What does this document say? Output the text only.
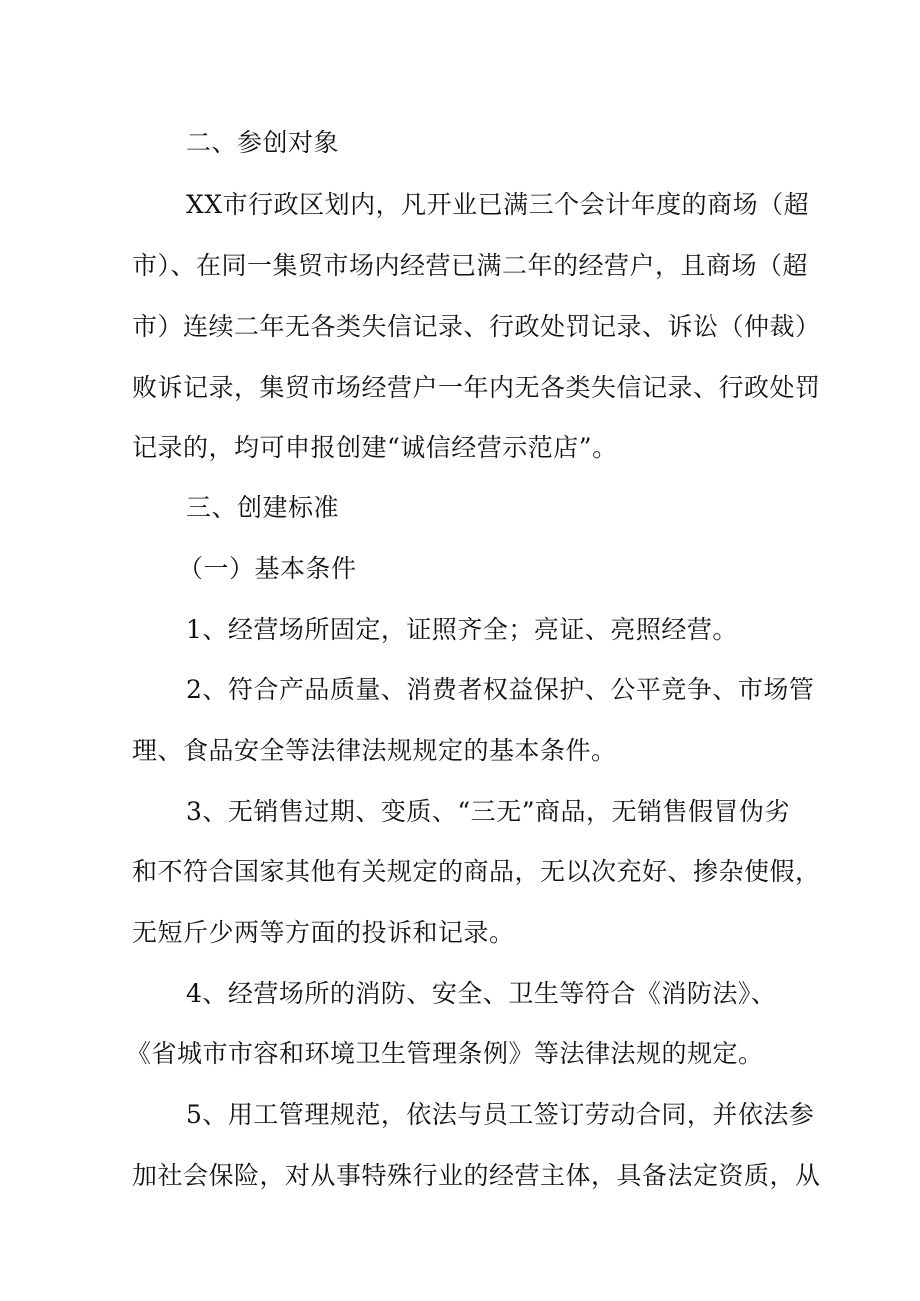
二、参创对象
XX市行政区划内，凡开业已满三个会计年度的商场（超
市）、在同一集贸市场内经营已满二年的经营户，且商场（超
市）连续二年无各类失信记录、行政处罚记录、诉讼（仲裁）
败诉记录，集贸市场经营户一年内无各类失信记录、行政处罚
记录的，均可申报创建“诚信经营示范店”。
三、创建标准
（一）基本条件
1、经营场所固定，证照齐全；亮证、亮照经营。
2、符合产品质量、消费者权益保护、公平竞争、市场管
理、食品安全等法律法规规定的基本条件。
3、无销售过期、变质、“三无”商品，无销售假冒伪劣
和不符合国家其他有关规定的商品，无以次充好、掺杂使假，
无短斤少两等方面的投诉和记录。
4、经营场所的消防、安全、卫生等符合《消防法》、
《省城市市容和环境卫生管理条例》等法律法规的规定。
5、用工管理规范，依法与员工签订劳动合同，并依法参
加社会保险，对从事特殊行业的经营主体，具备法定资质，从
